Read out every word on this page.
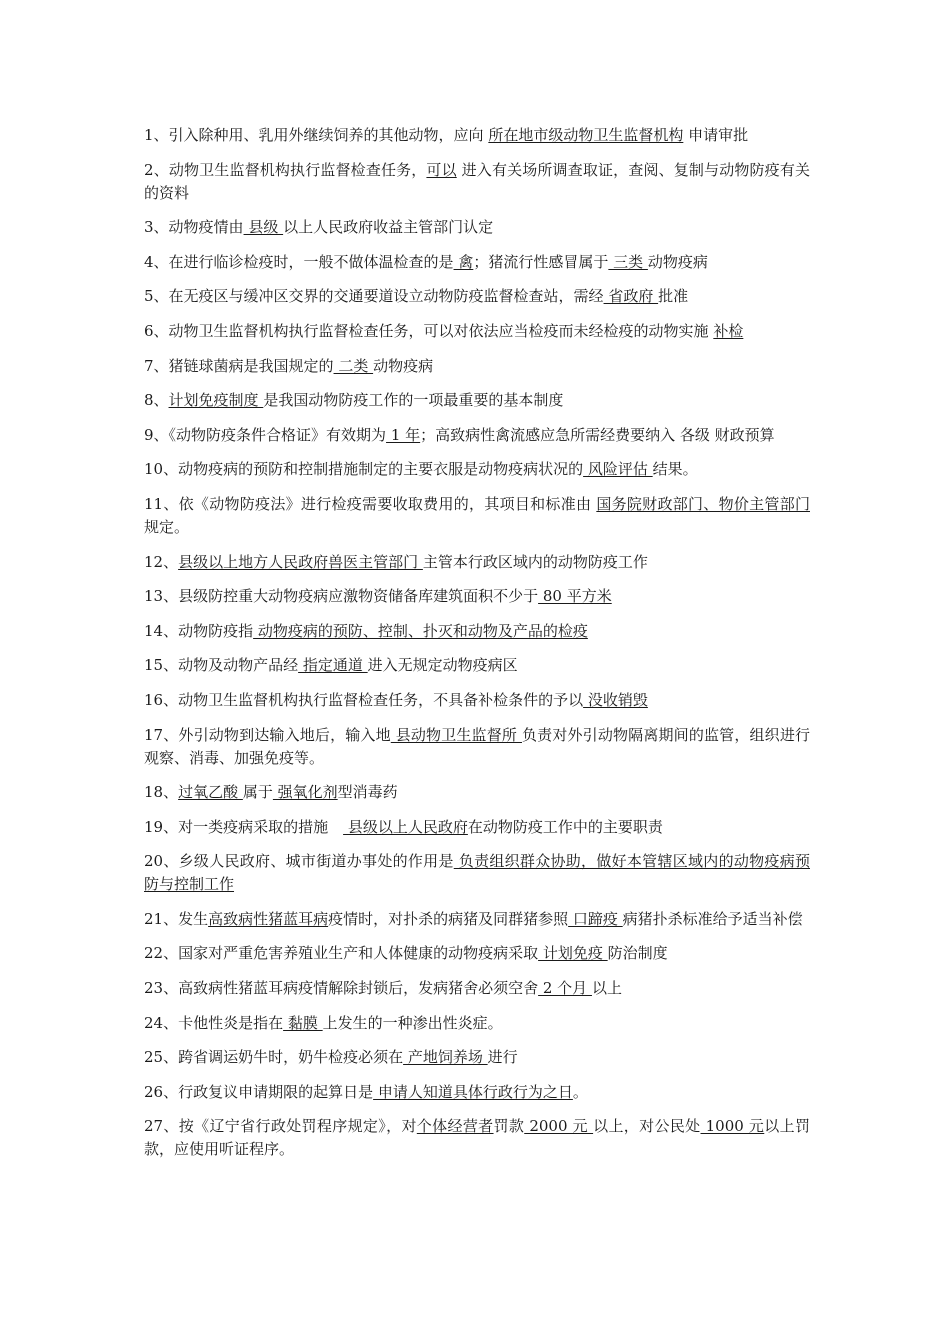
1、引入除种用、乳用外继续饲养的其他动物，应向 所在地市级动物卫生监督机构 申请审批

2、动物卫生监督机构执行监督检查任务，可以 进入有关场所调查取证，查阅、复制与动物防疫有关的资料

3、动物疫情由 县级 以上人民政府收益主管部门认定

4、在进行临诊检疫时，一般不做体温检查的是 禽；猪流行性感冒属于 三类 动物疫病

5、在无疫区与缓冲区交界的交通要道设立动物防疫监督检查站，需经 省政府 批准

6、动物卫生监督机构执行监督检查任务，可以对依法应当检疫而未经检疫的动物实施 补检

7、猪链球菌病是我国规定的 二类 动物疫病

8、计划免疫制度 是我国动物防疫工作的一项最重要的基本制度

9、《动物防疫条件合格证》有效期为 1 年；高致病性禽流感应急所需经费要纳入 各级 财政预算

10、动物疫病的预防和控制措施制定的主要衣服是动物疫病状况的 风险评估 结果。

11、依《动物防疫法》进行检疫需要收取费用的，其项目和标准由 国务院财政部门、物价主管部门 规定。

12、县级以上地方人民政府兽医主管部门 主管本行政区域内的动物防疫工作

13、县级防控重大动物疫病应激物资储备库建筑面积不少于 80 平方米

14、动物防疫指 动物疫病的预防、控制、扑灭和动物及产品的检疫

15、动物及动物产品经 指定通道 进入无规定动物疫病区

16、动物卫生监督机构执行监督检查任务，不具备补检条件的予以 没收销毁

17、外引动物到达输入地后，输入地 县动物卫生监督所 负责对外引动物隔离期间的监管，组织进行观察、消毒、加强免疫等。

18、过氧乙酸 属于 强氧化剂型消毒药

19、对一类疫病采取的措施　 县级以上人民政府在动物防疫工作中的主要职责

20、乡级人民政府、城市街道办事处的作用是 负责组织群众协助，做好本管辖区域内的动物疫病预防与控制工作

21、发生高致病性猪蓝耳病疫情时，对扑杀的病猪及同群猪参照 口蹄疫 病猪扑杀标准给予适当补偿

22、国家对严重危害养殖业生产和人体健康的动物疫病采取 计划免疫 防治制度

23、高致病性猪蓝耳病疫情解除封锁后，发病猪舍必须空舍 2 个月 以上

24、卡他性炎是指在 黏膜 上发生的一种渗出性炎症。

25、跨省调运奶牛时，奶牛检疫必须在 产地饲养场 进行

26、行政复议申请期限的起算日是 申请人知道具体行政行为之日。

27、按《辽宁省行政处罚程序规定》，对个体经营者罚款 2000 元 以上，对公民处 1000 元以上罚款，应使用听证程序。
